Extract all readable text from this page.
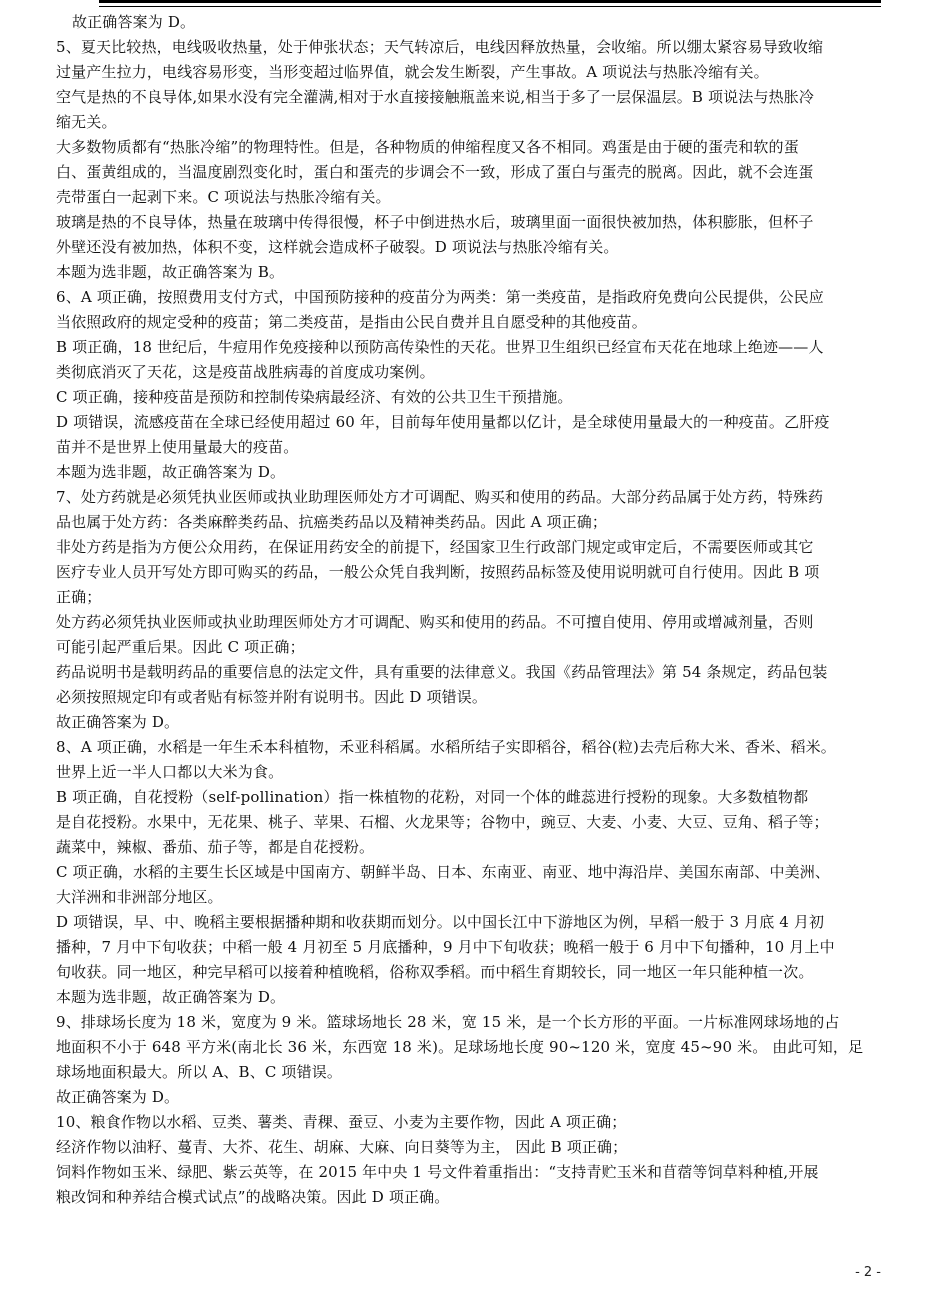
故正确答案为 D。
5、夏天比较热，电线吸收热量，处于伸张状态；天气转凉后，电线因释放热量，会收缩。所以绷太紧容易导致收缩
过量产生拉力，电线容易形变，当形变超过临界值，就会发生断裂，产生事故。A 项说法与热胀冷缩有关。
空气是热的不良导体,如果水没有完全灌满,相对于水直接接触瓶盖来说,相当于多了一层保温层。B 项说法与热胀冷
缩无关。
大多数物质都有“热胀冷缩”的物理特性。但是，各种物质的伸缩程度又各不相同。鸡蛋是由于硬的蛋壳和软的蛋
白、蛋黄组成的，当温度剧烈变化时，蛋白和蛋壳的步调会不一致，形成了蛋白与蛋壳的脱离。因此，就不会连蛋
壳带蛋白一起剥下来。C 项说法与热胀冷缩有关。
玻璃是热的不良导体，热量在玻璃中传得很慢，杯子中倒进热水后，玻璃里面一面很快被加热，体积膨胀，但杯子
外壁还没有被加热，体积不变，这样就会造成杯子破裂。D 项说法与热胀冷缩有关。
本题为选非题，故正确答案为 B。
6、A 项正确，按照费用支付方式，中国预防接种的疫苗分为两类：第一类疫苗，是指政府免费向公民提供，公民应
当依照政府的规定受种的疫苗；第二类疫苗，是指由公民自费并且自愿受种的其他疫苗。
B 项正确，18 世纪后，牛痘用作免疫接种以预防高传染性的天花。世界卫生组织已经宣布天花在地球上绝迹——人
类彻底消灭了天花，这是疫苗战胜病毒的首度成功案例。
C 项正确，接种疫苗是预防和控制传染病最经济、有效的公共卫生干预措施。
D 项错误，流感疫苗在全球已经使用超过 60 年，目前每年使用量都以亿计，是全球使用量最大的一种疫苗。乙肝疫
苗并不是世界上使用量最大的疫苗。
本题为选非题，故正确答案为 D。
7、处方药就是必须凭执业医师或执业助理医师处方才可调配、购买和使用的药品。大部分药品属于处方药，特殊药
品也属于处方药：各类麻醉类药品、抗癌类药品以及精神类药品。因此 A 项正确；
非处方药是指为方便公众用药，在保证用药安全的前提下，经国家卫生行政部门规定或审定后，不需要医师或其它
医疗专业人员开写处方即可购买的药品，一般公众凭自我判断，按照药品标签及使用说明就可自行使用。因此 B 项
正确；
处方药必须凭执业医师或执业助理医师处方才可调配、购买和使用的药品。不可擅自使用、停用或增减剂量，否则
可能引起严重后果。因此 C 项正确；
药品说明书是载明药品的重要信息的法定文件，具有重要的法律意义。我国《药品管理法》第 54 条规定，药品包装
必须按照规定印有或者贴有标签并附有说明书。因此 D 项错误。
故正确答案为 D。
8、A 项正确，水稻是一年生禾本科植物，禾亚科稻属。水稻所结子实即稻谷，稻谷(粒)去壳后称大米、香米、稻米。
世界上近一半人口都以大米为食。
B 项正确，自花授粉（self-pollination）指一株植物的花粉，对同一个体的雌蕊进行授粉的现象。大多数植物都
是自花授粉。水果中，无花果、桃子、苹果、石榴、火龙果等；谷物中，豌豆、大麦、小麦、大豆、豆角、稻子等；
蔬菜中，辣椒、番茄、茄子等，都是自花授粉。
C 项正确，水稻的主要生长区域是中国南方、朝鲜半岛、日本、东南亚、南亚、地中海沿岸、美国东南部、中美洲、
大洋洲和非洲部分地区。
D 项错误，早、中、晚稻主要根据播种期和收获期而划分。以中国长江中下游地区为例，早稻一般于 3 月底 4 月初
播种，7 月中下旬收获；中稻一般 4 月初至 5 月底播种，9 月中下旬收获；晚稻一般于 6 月中下旬播种，10 月上中
旬收获。同一地区，种完早稻可以接着种植晚稻，俗称双季稻。而中稻生育期较长，同一地区一年只能种植一次。
本题为选非题，故正确答案为 D。
9、排球场长度为 18 米，宽度为 9 米。篮球场地长 28 米，宽 15 米，是一个长方形的平面。一片标准网球场地的占
地面积不小于 648 平方米(南北长 36 米，东西宽 18 米)。足球场地长度 90~120 米，宽度 45~90 米。 由此可知，足
球场地面积最大。所以 A、B、C 项错误。
故正确答案为 D。
10、粮食作物以水稻、豆类、薯类、青稞、蚕豆、小麦为主要作物，因此 A 项正确；
经济作物以油籽、蔓青、大芥、花生、胡麻、大麻、向日葵等为主， 因此 B 项正确；
饲料作物如玉米、绿肥、紫云英等，在 2015 年中央 1 号文件着重指出：“支持青贮玉米和苜蓿等饲草料种植,开展
粮改饲和种养结合模式试点”的战略决策。因此 D 项正确。
- 2 -
